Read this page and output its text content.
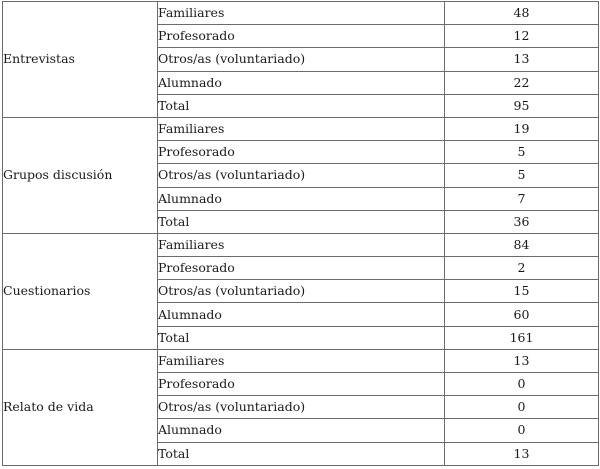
Entrevistas	Familiares	48
	Profesorado	12
	Otros/as (voluntariado)	13
	Alumnado	22
	Total	95
Grupos discusión	Familiares	19
	Profesorado	5
	Otros/as (voluntariado)	5
	Alumnado	7
	Total	36
Cuestionarios	Familiares	84
	Profesorado	2
	Otros/as (voluntariado)	15
	Alumnado	60
	Total	161
Relato de vida	Familiares	13
	Profesorado	0
	Otros/as (voluntariado)	0
	Alumnado	0
	Total	13
